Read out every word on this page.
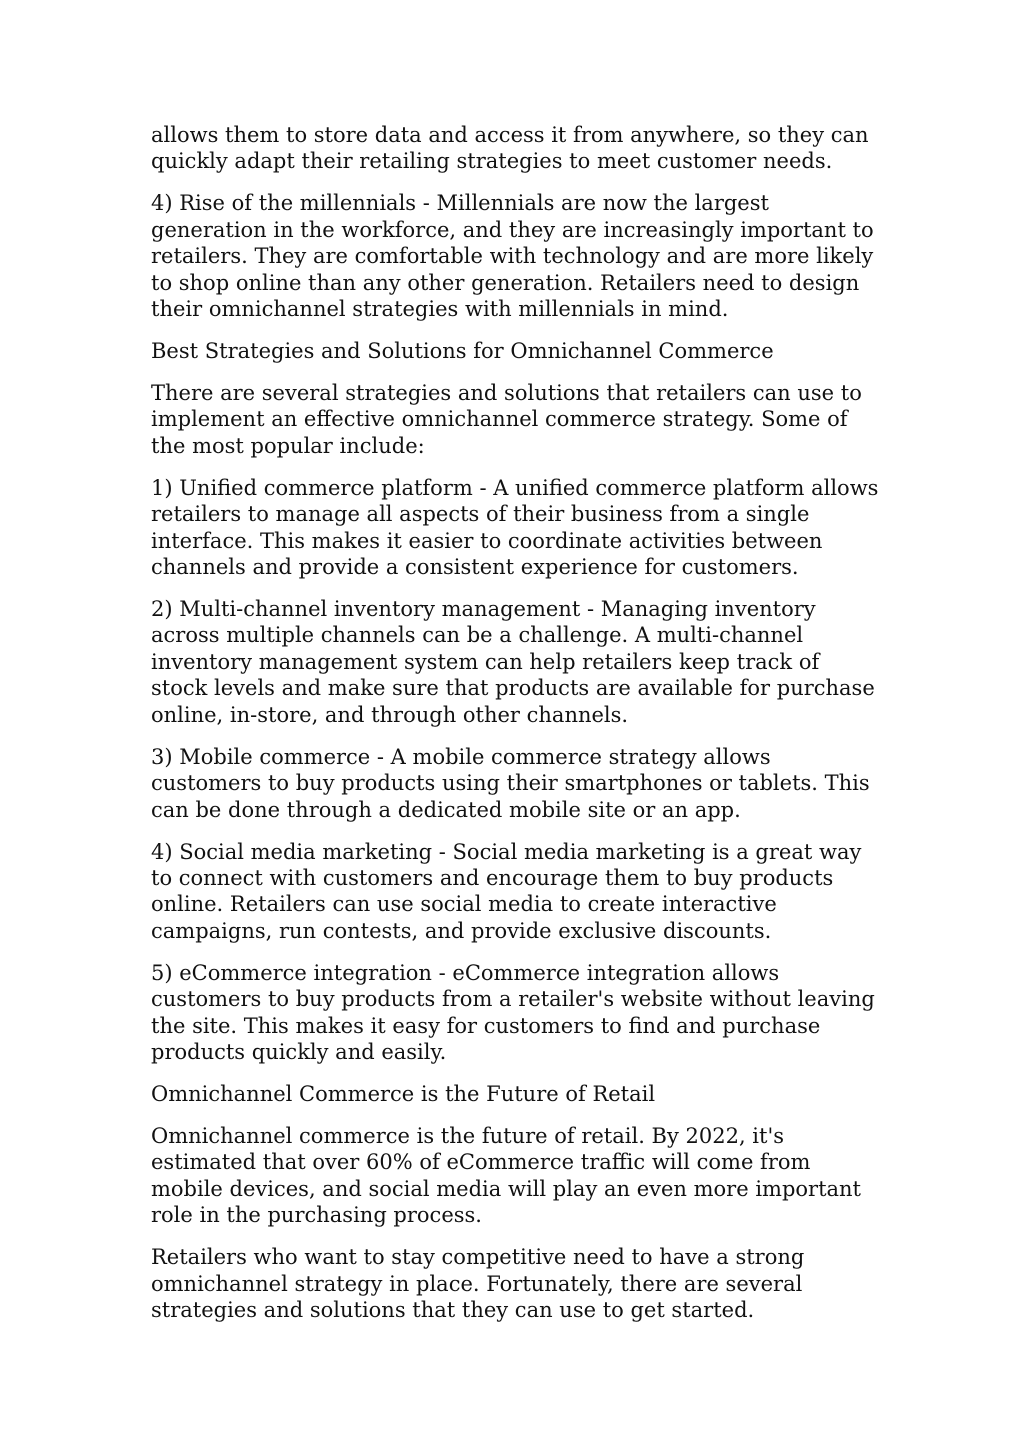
allows them to store data and access it from anywhere, so they can quickly adapt their retailing strategies to meet customer needs.

4) Rise of the millennials - Millennials are now the largest generation in the workforce, and they are increasingly important to retailers. They are comfortable with technology and are more likely to shop online than any other generation. Retailers need to design their omnichannel strategies with millennials in mind.

Best Strategies and Solutions for Omnichannel Commerce

There are several strategies and solutions that retailers can use to implement an effective omnichannel commerce strategy. Some of the most popular include:

1) Unified commerce platform - A unified commerce platform allows retailers to manage all aspects of their business from a single interface. This makes it easier to coordinate activities between channels and provide a consistent experience for customers.

2) Multi-channel inventory management - Managing inventory across multiple channels can be a challenge. A multi-channel inventory management system can help retailers keep track of stock levels and make sure that products are available for purchase online, in-store, and through other channels.

3) Mobile commerce - A mobile commerce strategy allows customers to buy products using their smartphones or tablets. This can be done through a dedicated mobile site or an app.

4) Social media marketing - Social media marketing is a great way to connect with customers and encourage them to buy products online. Retailers can use social media to create interactive campaigns, run contests, and provide exclusive discounts.

5) eCommerce integration - eCommerce integration allows customers to buy products from a retailer's website without leaving the site. This makes it easy for customers to find and purchase products quickly and easily.

Omnichannel Commerce is the Future of Retail

Omnichannel commerce is the future of retail. By 2022, it's estimated that over 60% of eCommerce traffic will come from mobile devices, and social media will play an even more important role in the purchasing process.

Retailers who want to stay competitive need to have a strong omnichannel strategy in place. Fortunately, there are several strategies and solutions that they can use to get started.
